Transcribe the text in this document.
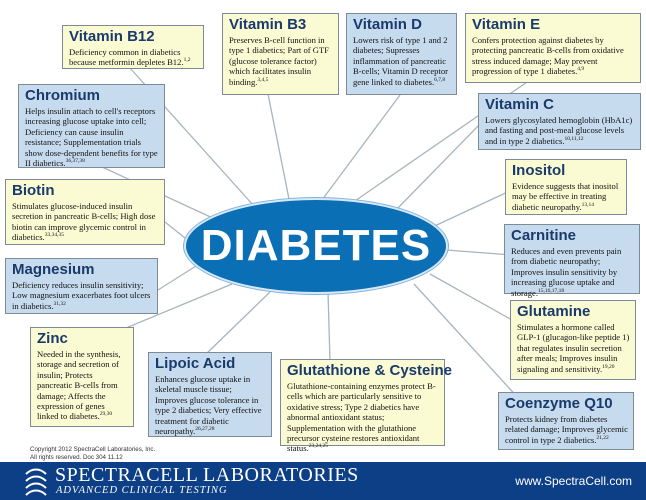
Vitamin B12
Deficiency common in diabetics because metformin depletes B12.$^{1,2}$
Vitamin B3
Preserves B-cell function in type 1 diabetics; Part of GTF (glucose tolerance factor) which facilitates insulin binding.$^{3,4,5}$
Vitamin D
Lowers risk of type 1 and 2 diabetes; Supresses inflammation of pancreatic B-cells; Vitamin D receptor gene linked to diabetes.$^{6,7,8}$
Vitamin E
Confers protection against diabetes by protecting pancreatic B-cells from oxidative stress induced damage; May prevent progression of type 1 diabetes.$^{4,9}$
Chromium
Helps insulin attach to cell's receptors increasing glucose uptake into cell; Deficiency can cause insulin resistance; Supplementation trials show dose-dependent benefits for type II diabetics.$^{36,37,38}$
Vitamin C
Lowers glycosylated hemoglobin (HbA1c) and fasting and post-meal glucose levels and in type 2 diabetics.$^{10,11,12}$
Inositol
Evidence suggests that inositol may be effective in treating diabetic neuropathy.$^{13,14}$
Biotin
Stimulates glucose-induced insulin secretion in pancreatic B-cells; High dose biotin can improve glycemic control in diabetics.$^{33,34,35}$	Carnitine
Reduces and even prevents pain from diabetic neuropathy; Improves insulin sensitivity by increasing glucose uptake and storage.$^{15,16,17,18}$
Magnesium
Deficiency reduces insulin sensitivity; Low magnesium exacerbates foot ulcers in diabetics.$^{31,32}$	Glutamine
Stimulates a hormone called GLP-1 (glucagon-like peptide 1) that regulates insulin secretion after meals; Improves insulin signaling and sensitivity.$^{19,20}$
Zinc
Needed in the synthesis, storage and secretion of insulin; Protects pancreatic B-cells from damage; Affects the expression of genes linked to diabetes.$^{29,30}$
Lipoic Acid
Enhances glucose uptake in skeletal muscle tissue; Improves glucose tolerance in type 2 diabetics; Very effective treatment for diabetic neuropathy.$^{26,27,28}$
Glutathione & Cysteine
Glutathione-containing enzymes protect B-cells which are particularly sensitive to oxidative stress; Type 2 diabetics have abnormal antioxidant status; Supplementation with the glutathione precursor cysteine restores antioxidant status.$^{23,24,25}$
Coenzyme Q10
Protects kidney from diabetes related damage; Improves glycemic control in type 2 diabetics.$^{21,22}$
DIABETES
Copyright 2012 SpectraCell Laboratories, Inc.
All rights reserved. Doc 304 11.12
SPECTRACELL LABORATORIES
ADVANCED CLINICAL TESTING
www.SpectraCell.com
